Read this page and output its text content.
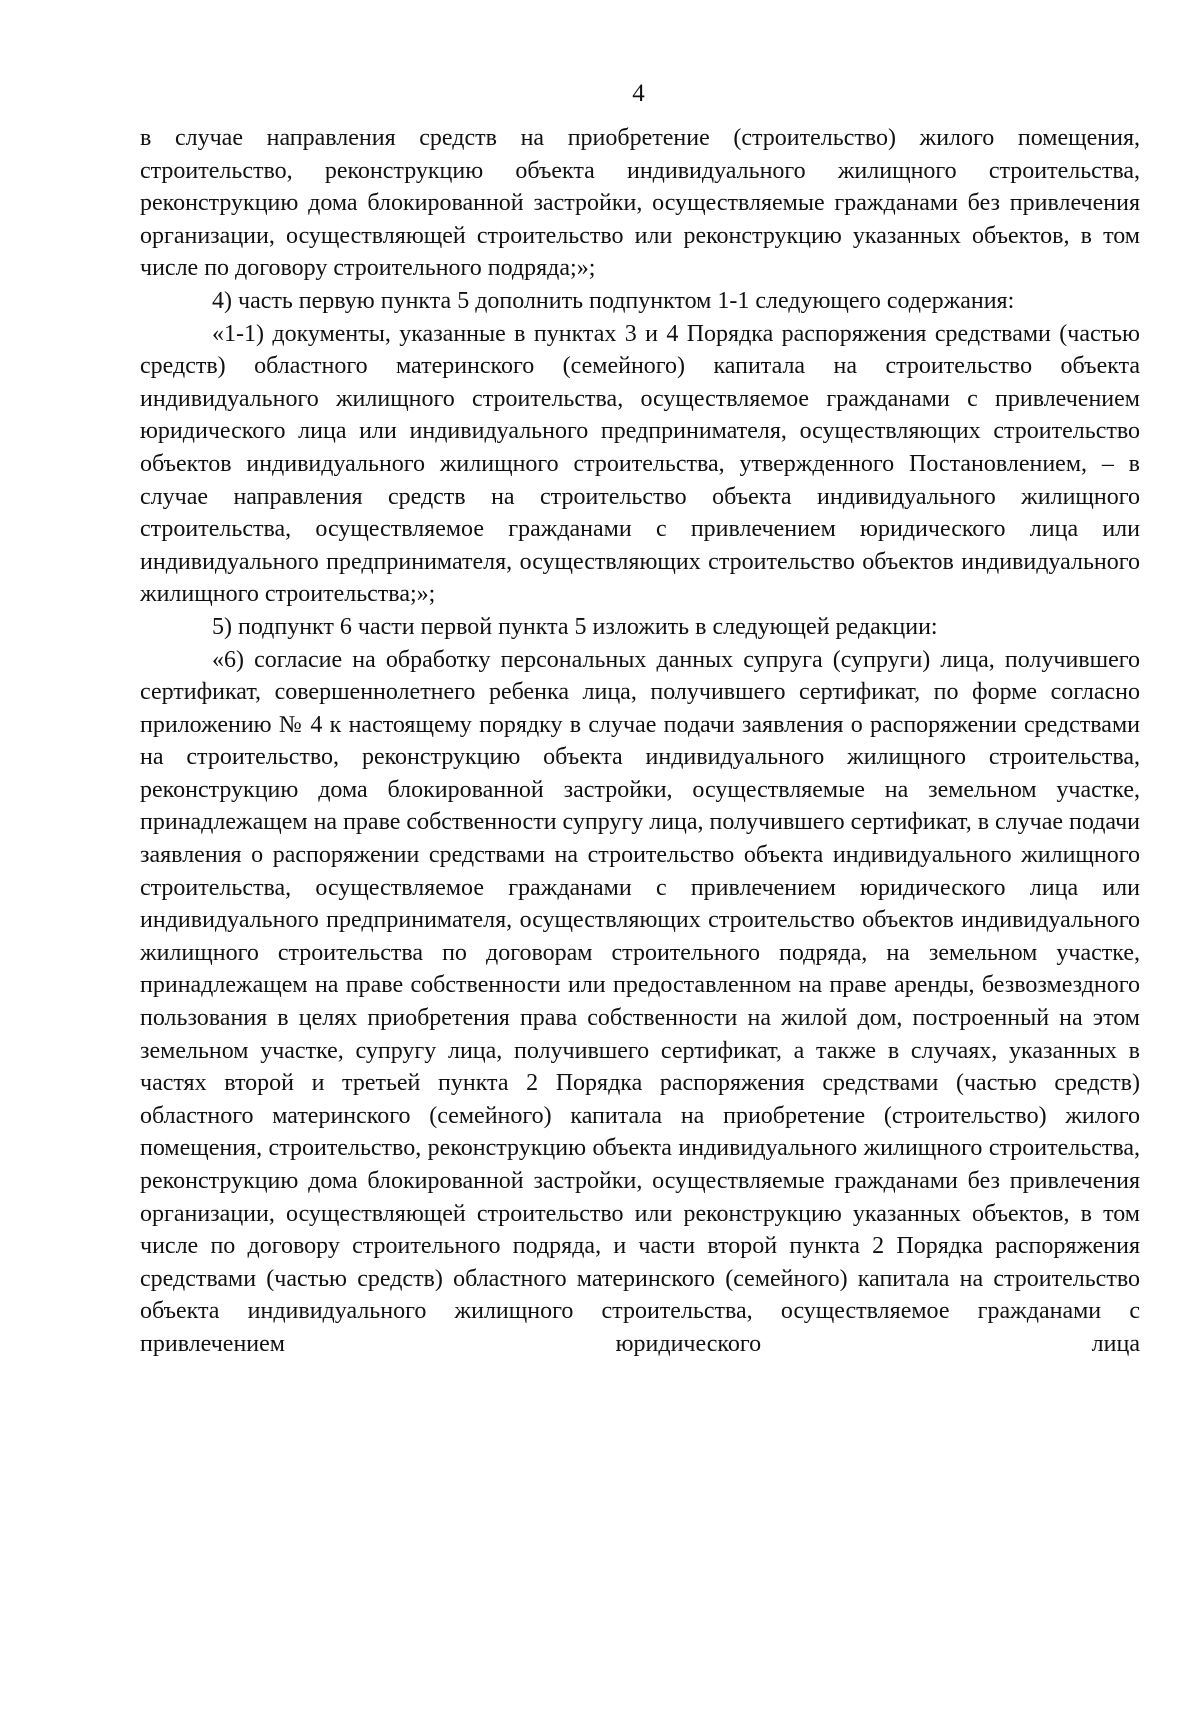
4

в случае направления средств на приобретение (строительство) жилого помещения, строительство, реконструкцию объекта индивидуального жилищного строительства, реконструкцию дома блокированной застройки, осуществляемые гражданами без привлечения организации, осуществляющей строительство или реконструкцию указанных объектов, в том числе по договору строительного подряда;»;

4) часть первую пункта 5 дополнить подпунктом 1-1 следующего содержания:

«1-1) документы, указанные в пунктах 3 и 4 Порядка распоряжения средствами (частью средств) областного материнского (семейного) капитала на строительство объекта индивидуального жилищного строительства, осуществляемое гражданами с привлечением юридического лица или индивидуального предпринимателя, осуществляющих строительство объектов индивидуального жилищного строительства, утвержденного Постановлением, – в случае направления средств на строительство объекта индивидуального жилищного строительства, осуществляемое гражданами с привлечением юридического лица или индивидуального предпринимателя, осуществляющих строительство объектов индивидуального жилищного строительства;»;

5) подпункт 6 части первой пункта 5 изложить в следующей редакции:

«6) согласие на обработку персональных данных супруга (супруги) лица, получившего сертификат, совершеннолетнего ребенка лица, получившего сертификат, по форме согласно приложению № 4 к настоящему порядку в случае подачи заявления о распоряжении средствами на строительство, реконструкцию объекта индивидуального жилищного строительства, реконструкцию дома блокированной застройки, осуществляемые на земельном участке, принадлежащем на праве собственности супругу лица, получившего сертификат, в случае подачи заявления о распоряжении средствами на строительство объекта индивидуального жилищного строительства, осуществляемое гражданами с привлечением юридического лица или индивидуального предпринимателя, осуществляющих строительство объектов индивидуального жилищного строительства по договорам строительного подряда, на земельном участке, принадлежащем на праве собственности или предоставленном на праве аренды, безвозмездного пользования в целях приобретения права собственности на жилой дом, построенный на этом земельном участке, супругу лица, получившего сертификат, а также в случаях, указанных в частях второй и третьей пункта 2 Порядка распоряжения средствами (частью средств) областного материнского (семейного) капитала на приобретение (строительство) жилого помещения, строительство, реконструкцию объекта индивидуального жилищного строительства, реконструкцию дома блокированной застройки, осуществляемые гражданами без привлечения организации, осуществляющей строительство или реконструкцию указанных объектов, в том числе по договору строительного подряда, и части второй пункта 2 Порядка распоряжения средствами (частью средств) областного материнского (семейного) капитала на строительство объекта индивидуального жилищного строительства, осуществляемое гражданами с привлечением юридического лица
